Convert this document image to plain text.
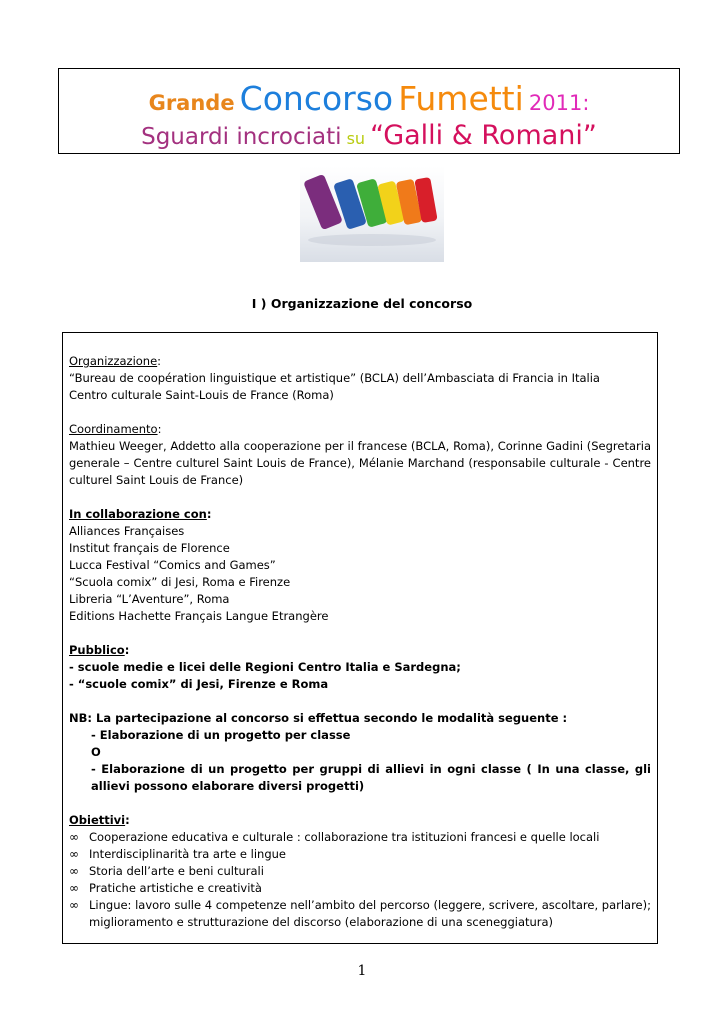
Grande Concorso Fumetti 2011:
Sguardi incrociati su “Galli & Romani”
I ) Organizzazione del concorso

Organizzazione:

“Bureau de coopération linguistique et artistique” (BCLA) dell’Ambasciata di Francia in Italia

Centro culturale Saint-Louis de France (Roma)

Coordinamento:

Mathieu Weeger, Addetto alla cooperazione per il francese (BCLA, Roma), Corinne Gadini (Segretaria generale – Centre culturel Saint Louis de France), Mélanie Marchand (responsabile culturale - Centre culturel Saint Louis de France)

In collaborazione con:

Alliances Françaises

Institut français de Florence

Lucca Festival “Comics and Games”

“Scuola comix” di Jesi, Roma e Firenze

Libreria “L’Aventure”, Roma

Editions Hachette Français Langue Etrangère

Pubblico:

- scuole medie e licei delle Regioni Centro Italia e Sardegna;

- “scuole comix” di Jesi, Firenze e Roma

NB: La partecipazione al concorso si effettua secondo le modalità seguente :

- Elaborazione di un progetto per classe

O

- Elaborazione di un progetto per gruppi di allievi in ogni classe ( In una classe, gli allievi possono elaborare diversi progetti)

Obiettivi:

∞ Cooperazione educativa e culturale : collaborazione tra istituzioni francesi e quelle locali
∞ Interdisciplinarità tra arte e lingue
∞ Storia dell’arte e beni culturali
∞ Pratiche artistiche e creatività
∞ Lingue: lavoro sulle 4 competenze nell’ambito del percorso (leggere, scrivere, ascoltare, parlare); miglioramento e strutturazione del discorso (elaborazione di una sceneggiatura)
1
